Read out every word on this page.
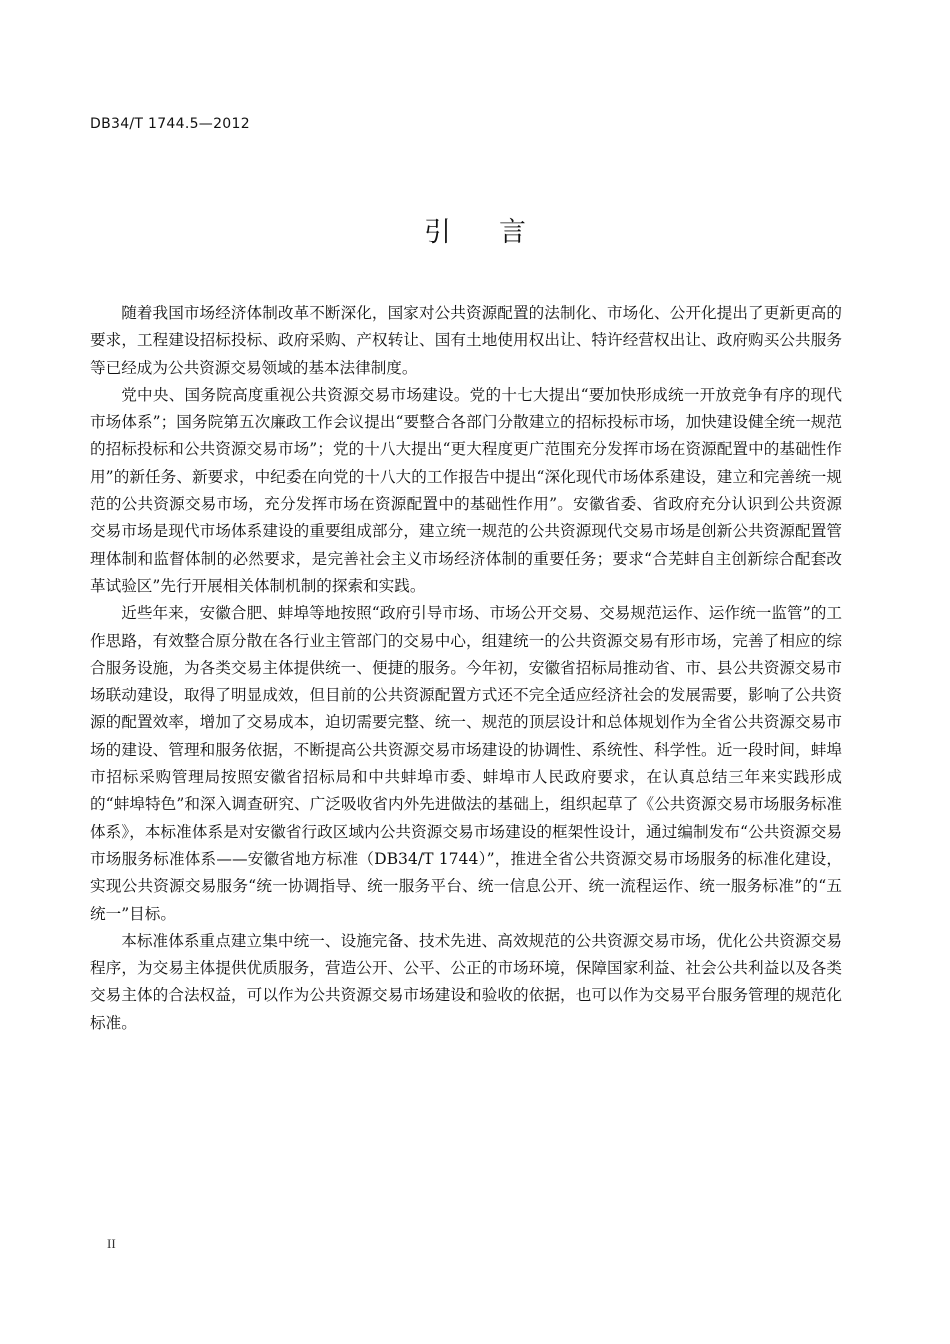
DB34/T 1744.5—2012
引言

随着我国市场经济体制改革不断深化，国家对公共资源配置的法制化、市场化、公开化提出了更新更高的要求，工程建设招标投标、政府采购、产权转让、国有土地使用权出让、特许经营权出让、政府购买公共服务等已经成为公共资源交易领域的基本法律制度。

党中央、国务院高度重视公共资源交易市场建设。党的十七大提出“要加快形成统一开放竞争有序的现代市场体系”；国务院第五次廉政工作会议提出“要整合各部门分散建立的招标投标市场，加快建设健全统一规范的招标投标和公共资源交易市场”；党的十八大提出“更大程度更广范围充分发挥市场在资源配置中的基础性作用”的新任务、新要求，中纪委在向党的十八大的工作报告中提出“深化现代市场体系建设，建立和完善统一规范的公共资源交易市场，充分发挥市场在资源配置中的基础性作用”。安徽省委、省政府充分认识到公共资源交易市场是现代市场体系建设的重要组成部分，建立统一规范的公共资源现代交易市场是创新公共资源配置管理体制和监督体制的必然要求，是完善社会主义市场经济体制的重要任务；要求“合芜蚌自主创新综合配套改革试验区”先行开展相关体制机制的探索和实践。

近些年来，安徽合肥、蚌埠等地按照“政府引导市场、市场公开交易、交易规范运作、运作统一监管”的工作思路，有效整合原分散在各行业主管部门的交易中心，组建统一的公共资源交易有形市场，完善了相应的综合服务设施，为各类交易主体提供统一、便捷的服务。今年初，安徽省招标局推动省、市、县公共资源交易市场联动建设，取得了明显成效，但目前的公共资源配置方式还不完全适应经济社会的发展需要，影响了公共资源的配置效率，增加了交易成本，迫切需要完整、统一、规范的顶层设计和总体规划作为全省公共资源交易市场的建设、管理和服务依据，不断提高公共资源交易市场建设的协调性、系统性、科学性。近一段时间，蚌埠市招标采购管理局按照安徽省招标局和中共蚌埠市委、蚌埠市人民政府要求，在认真总结三年来实践形成的“蚌埠特色”和深入调查研究、广泛吸收省内外先进做法的基础上，组织起草了《公共资源交易市场服务标准体系》，本标准体系是对安徽省行政区域内公共资源交易市场建设的框架性设计，通过编制发布“公共资源交易市场服务标准体系——安徽省地方标准（DB34/T 1744）”，推进全省公共资源交易市场服务的标准化建设，实现公共资源交易服务“统一协调指导、统一服务平台、统一信息公开、统一流程运作、统一服务标准”的“五统一”目标。

本标准体系重点建立集中统一、设施完备、技术先进、高效规范的公共资源交易市场，优化公共资源交易程序，为交易主体提供优质服务，营造公开、公平、公正的市场环境，保障国家利益、社会公共利益以及各类交易主体的合法权益，可以作为公共资源交易市场建设和验收的依据，也可以作为交易平台服务管理的规范化标准。

II
